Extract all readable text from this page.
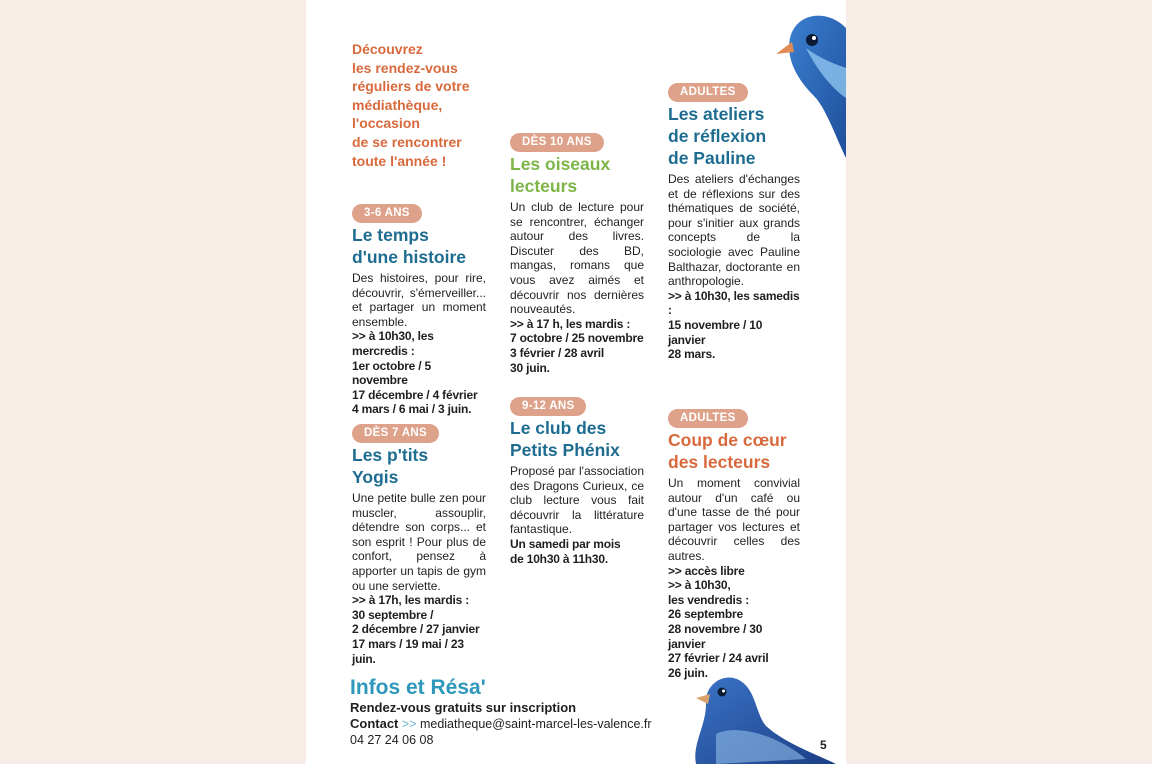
Découvrez
les rendez-vous
réguliers de votre
médiathèque,
l'occasion
de se rencontrer
toute l'année !
3-6 ANS
Le temps
d'une histoire
Des histoires, pour rire, découvrir, s'émerveiller... et partager un moment ensemble.
>> à 10h30, les mercredis :
1er octobre / 5 novembre
17 décembre / 4 février
4 mars / 6 mai / 3 juin.
DÈS 7 ANS
Les p'tits
Yogis
Une petite bulle zen pour muscler, assouplir, détendre son corps... et son esprit ! Pour plus de confort, pensez à apporter un tapis de gym ou une serviette.
>> à 17h, les mardis :
30 septembre /
2 décembre / 27 janvier
17 mars / 19 mai / 23 juin.
DÈS 10 ANS
Les oiseaux
lecteurs
Un club de lecture pour se rencontrer, échanger autour des livres. Discuter des BD, mangas, romans que vous avez aimés et découvrir nos dernières nouveautés.
>> à 17 h, les mardis :
7 octobre / 25 novembre
3 février / 28 avril
30 juin.
9-12 ANS
Le club des
Petits Phénix
Proposé par l'association des Dragons Curieux, ce club lecture vous fait découvrir la littérature fantastique.
Un samedi par mois
de 10h30 à 11h30.
ADULTES
Les ateliers
de réflexion
de Pauline
Des ateliers d'échanges et de réflexions sur des thématiques de société, pour s'initier aux grands concepts de la sociologie avec Pauline Balthazar, doctorante en anthropologie.
>> à 10h30, les samedis :
15 novembre / 10 janvier
28 mars.
ADULTES
Coup de cœur
des lecteurs
Un moment convivial autour d'un café ou d'une tasse de thé pour partager vos lectures et découvrir celles des autres.
>> accès libre
>> à 10h30,
les vendredis :
26 septembre
28 novembre / 30 janvier
27 février / 24 avril
26 juin.
Infos et Résa'
Rendez-vous gratuits sur inscription
Contact >> mediatheque@saint-marcel-les-valence.fr
04 27 24 06 08	5
